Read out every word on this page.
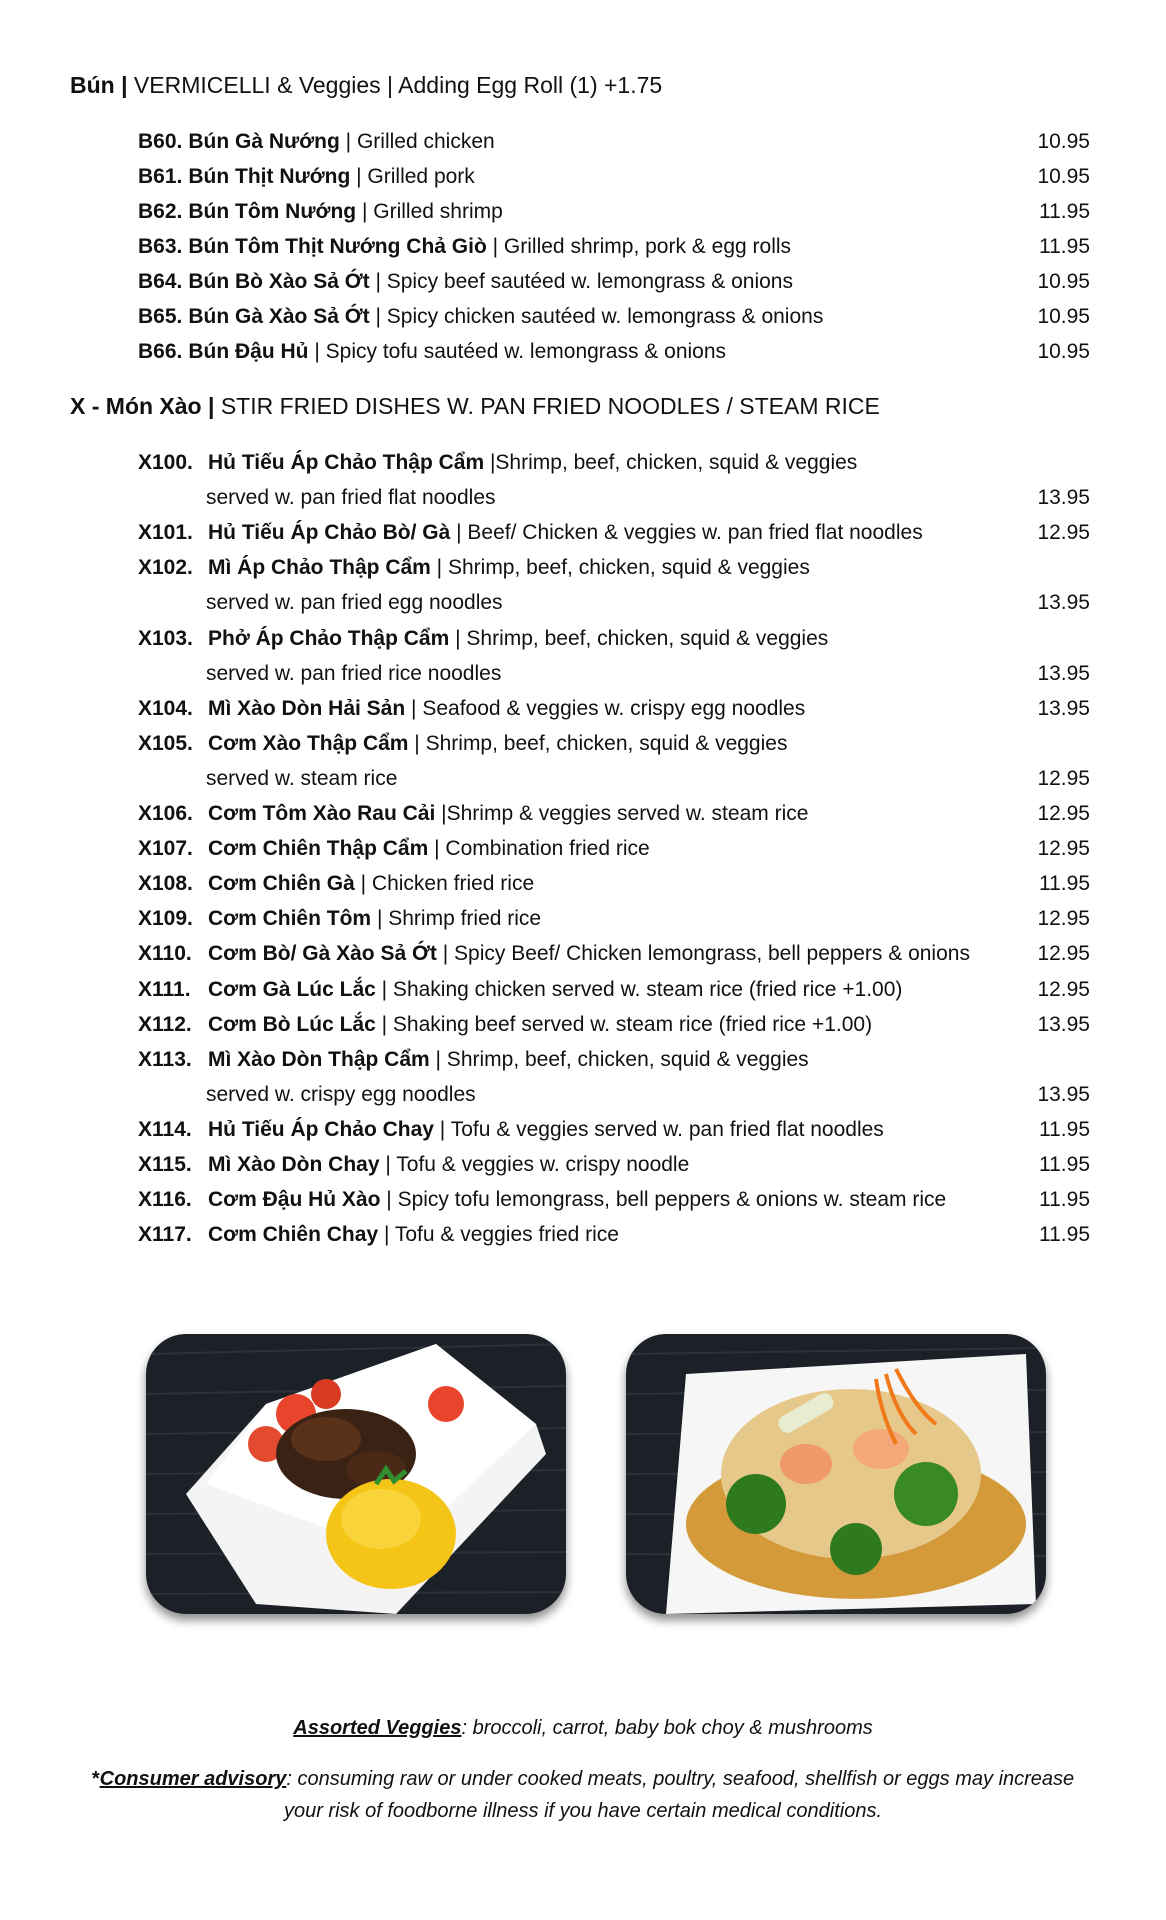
Bún | VERMICELLI & Veggies | Adding Egg Roll (1) +1.75
B60. Bún Gà Nướng | Grilled chicken	10.95
B61. Bún Thịt Nướng | Grilled pork	10.95
B62. Bún Tôm Nướng | Grilled shrimp	11.95
B63. Bún Tôm Thịt Nướng Chả Giò | Grilled shrimp, pork & egg rolls	11.95
B64. Bún Bò Xào Sả Ớt | Spicy beef sautéed w. lemongrass & onions	10.95
B65. Bún Gà Xào Sả Ớt | Spicy chicken sautéed w. lemongrass & onions	10.95
B66. Bún Đậu Hủ | Spicy tofu sautéed w. lemongrass & onions	10.95
X - Món Xào | STIR FRIED DISHES W. PAN FRIED NOODLES / STEAM RICE
X100. Hủ Tiếu Áp Chảo Thập Cẩm |Shrimp, beef, chicken, squid & veggies
served w. pan fried flat noodles	13.95
X101. Hủ Tiếu Áp Chảo Bò/ Gà | Beef/ Chicken & veggies w. pan fried flat noodles	12.95
X102. Mì Áp Chảo Thập Cẩm | Shrimp, beef, chicken, squid & veggies
served w. pan fried egg noodles	13.95
X103. Phở Áp Chảo Thập Cẩm | Shrimp, beef, chicken, squid & veggies
served w. pan fried rice noodles	13.95
X104. Mì Xào Dòn Hải Sản | Seafood & veggies w. crispy egg noodles	13.95
X105. Cơm Xào Thập Cẩm | Shrimp, beef, chicken, squid & veggies
served w. steam rice	12.95
X106. Cơm Tôm Xào Rau Cải |Shrimp & veggies served w. steam rice	12.95
X107. Cơm Chiên Thập Cẩm | Combination fried rice	12.95
X108. Cơm Chiên Gà | Chicken fried rice	11.95
X109. Cơm Chiên Tôm | Shrimp fried rice	12.95
X110. Cơm Bò/ Gà Xào Sả Ớt | Spicy Beef/ Chicken lemongrass, bell peppers & onions	12.95
X111. Cơm Gà Lúc Lắc | Shaking chicken served w. steam rice (fried rice +1.00)	12.95
X112. Cơm Bò Lúc Lắc | Shaking beef served w. steam rice (fried rice +1.00)	13.95
X113. Mì Xào Dòn Thập Cẩm | Shrimp, beef, chicken, squid & veggies
served w. crispy egg noodles	13.95
X114. Hủ Tiếu Áp Chảo Chay | Tofu & veggies served w. pan fried flat noodles	11.95
X115. Mì Xào Dòn Chay | Tofu & veggies w. crispy noodle	11.95
X116. Cơm Đậu Hủ Xào | Spicy tofu lemongrass, bell peppers & onions w. steam rice	11.95
X117. Cơm Chiên Chay | Tofu & veggies fried rice	11.95
Assorted Veggies: broccoli, carrot, baby bok choy & mushrooms
*Consumer advisory: consuming raw or under cooked meats, poultry, seafood, shellfish or eggs may increase
your risk of foodborne illness if you have certain medical conditions.
